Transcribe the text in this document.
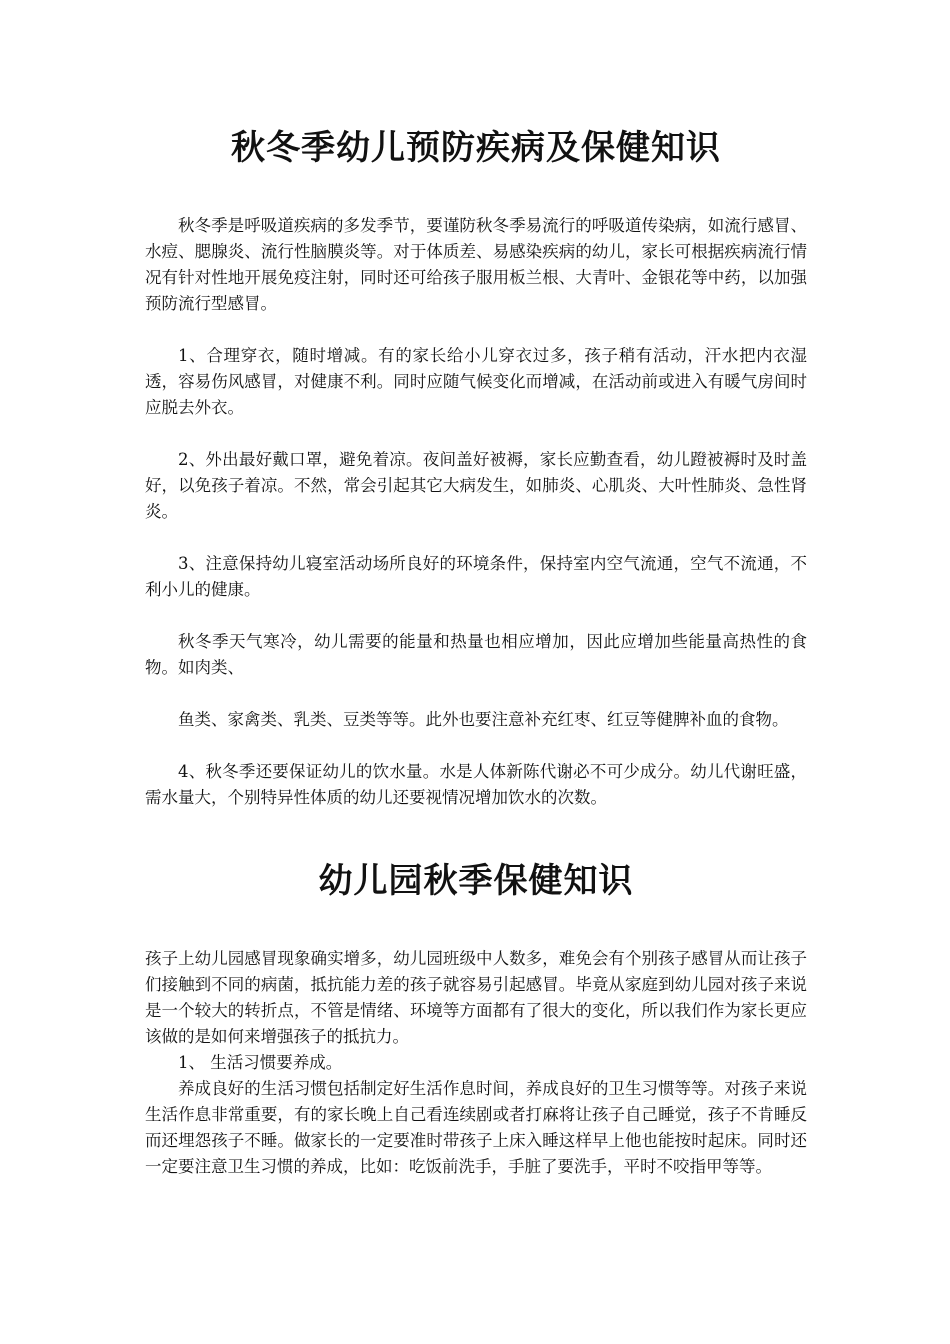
秋冬季幼儿预防疾病及保健知识

秋冬季是呼吸道疾病的多发季节，要谨防秋冬季易流行的呼吸道传染病，如流行感冒、水痘、腮腺炎、流行性脑膜炎等。对于体质差、易感染疾病的幼儿，家长可根据疾病流行情况有针对性地开展免疫注射，同时还可给孩子服用板兰根、大青叶、金银花等中药，以加强预防流行型感冒。

1、合理穿衣，随时增减。有的家长给小儿穿衣过多，孩子稍有活动，汗水把内衣湿透，容易伤风感冒，对健康不利。同时应随气候变化而增减，在活动前或进入有暖气房间时应脱去外衣。

2、外出最好戴口罩，避免着凉。夜间盖好被褥，家长应勤查看，幼儿蹬被褥时及时盖好，以免孩子着凉。不然，常会引起其它大病发生，如肺炎、心肌炎、大叶性肺炎、急性肾炎。

3、注意保持幼儿寝室活动场所良好的环境条件，保持室内空气流通，空气不流通，不利小儿的健康。

秋冬季天气寒冷，幼儿需要的能量和热量也相应增加，因此应增加些能量高热性的食物。如肉类、

鱼类、家禽类、乳类、豆类等等。此外也要注意补充红枣、红豆等健脾补血的食物。

4、秋冬季还要保证幼儿的饮水量。水是人体新陈代谢必不可少成分。幼儿代谢旺盛，需水量大，个别特异性体质的幼儿还要视情况增加饮水的次数。

幼儿园秋季保健知识

孩子上幼儿园感冒现象确实增多，幼儿园班级中人数多，难免会有个别孩子感冒从而让孩子们接触到不同的病菌，抵抗能力差的孩子就容易引起感冒。毕竟从家庭到幼儿园对孩子来说是一个较大的转折点，不管是情绪、环境等方面都有了很大的变化，所以我们作为家长更应该做的是如何来增强孩子的抵抗力。

1、 生活习惯要养成。

养成良好的生活习惯包括制定好生活作息时间，养成良好的卫生习惯等等。对孩子来说生活作息非常重要，有的家长晚上自己看连续剧或者打麻将让孩子自己睡觉，孩子不肯睡反而还埋怨孩子不睡。做家长的一定要准时带孩子上床入睡这样早上他也能按时起床。同时还一定要注意卫生习惯的养成，比如：吃饭前洗手，手脏了要洗手，平时不咬指甲等等。
